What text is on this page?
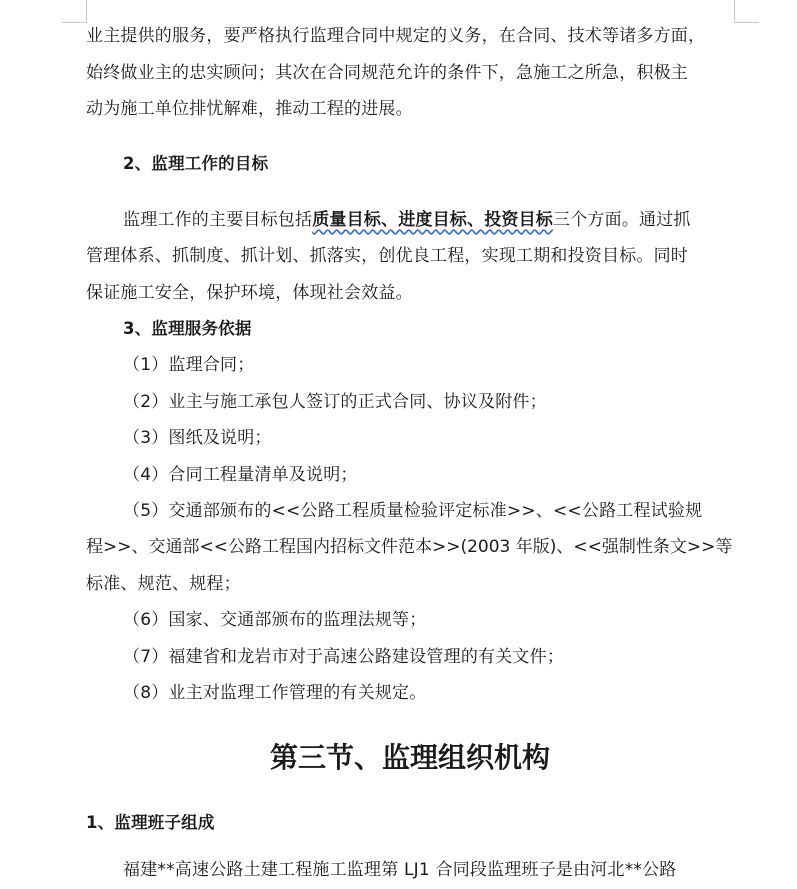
业主提供的服务，要严格执行监理合同中规定的义务，在合同、技术等诸多方面，
始终做业主的忠实顾问；其次在合同规范允许的条件下，急施工之所急，积极主
动为施工单位排忧解难，推动工程的进展。
2、监理工作的目标
监理工作的主要目标包括质量目标、进度目标、投资目标三个方面。通过抓
管理体系、抓制度、抓计划、抓落实，创优良工程，实现工期和投资目标。同时
保证施工安全，保护环境，体现社会效益。
3、监理服务依据
（1）监理合同；
（2）业主与施工承包人签订的正式合同、协议及附件；
（3）图纸及说明；
（4）合同工程量清单及说明；
（5）交通部颁布的<<公路工程质量检验评定标准>>、<<公路工程试验规
程>>、交通部<<公路工程国内招标文件范本>>(2003 年版)、<<强制性条文>>等
标准、规范、规程；
（6）国家、交通部颁布的监理法规等；
（7）福建省和龙岩市对于高速公路建设管理的有关文件；
（8）业主对监理工作管理的有关规定。
第三节、监理组织机构
1、监理班子组成
福建**高速公路土建工程施工监理第 LJ1 合同段监理班子是由河北**公路
